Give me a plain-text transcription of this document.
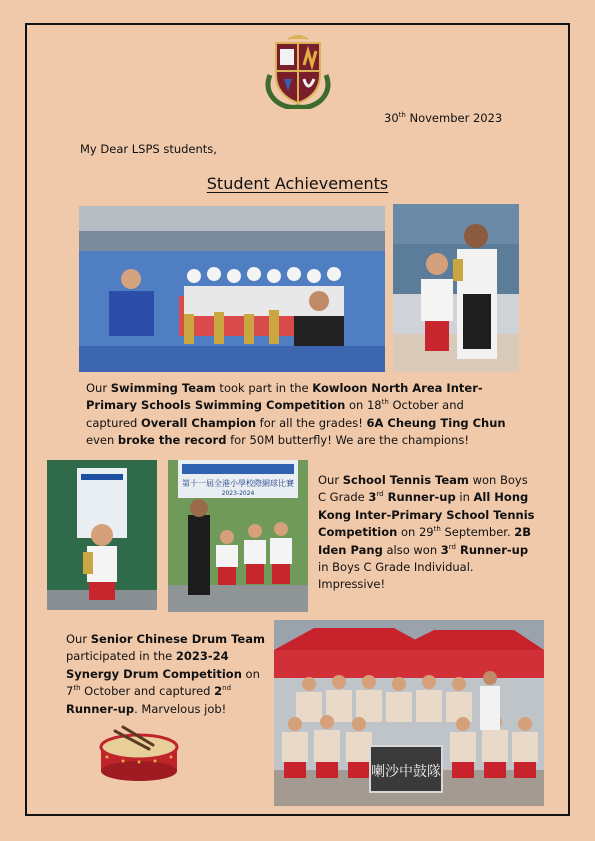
30th November 2023
My Dear LSPS students,
Student Achievements
Our Swimming Team took part in the Kowloon North Area Inter-Primary Schools Swimming Competition on 18th October and captured Overall Champion for all the grades! 6A Cheung Ting Chun even broke the record for 50M butterfly! We are the champions!
第十一屆全港小學校際網球比賽
2023-2024
Our School Tennis Team won Boys C Grade 3rd Runner-up in All Hong Kong Inter-Primary School Tennis Competition on 29th September. 2B Iden Pang also won 3rd Runner-up in Boys C Grade Individual. Impressive!
Our Senior Chinese Drum Team participated in the 2023-24 Synergy Drum Competition on 7th October and captured 2nd Runner-up. Marvelous job!
喇沙中鼓隊
